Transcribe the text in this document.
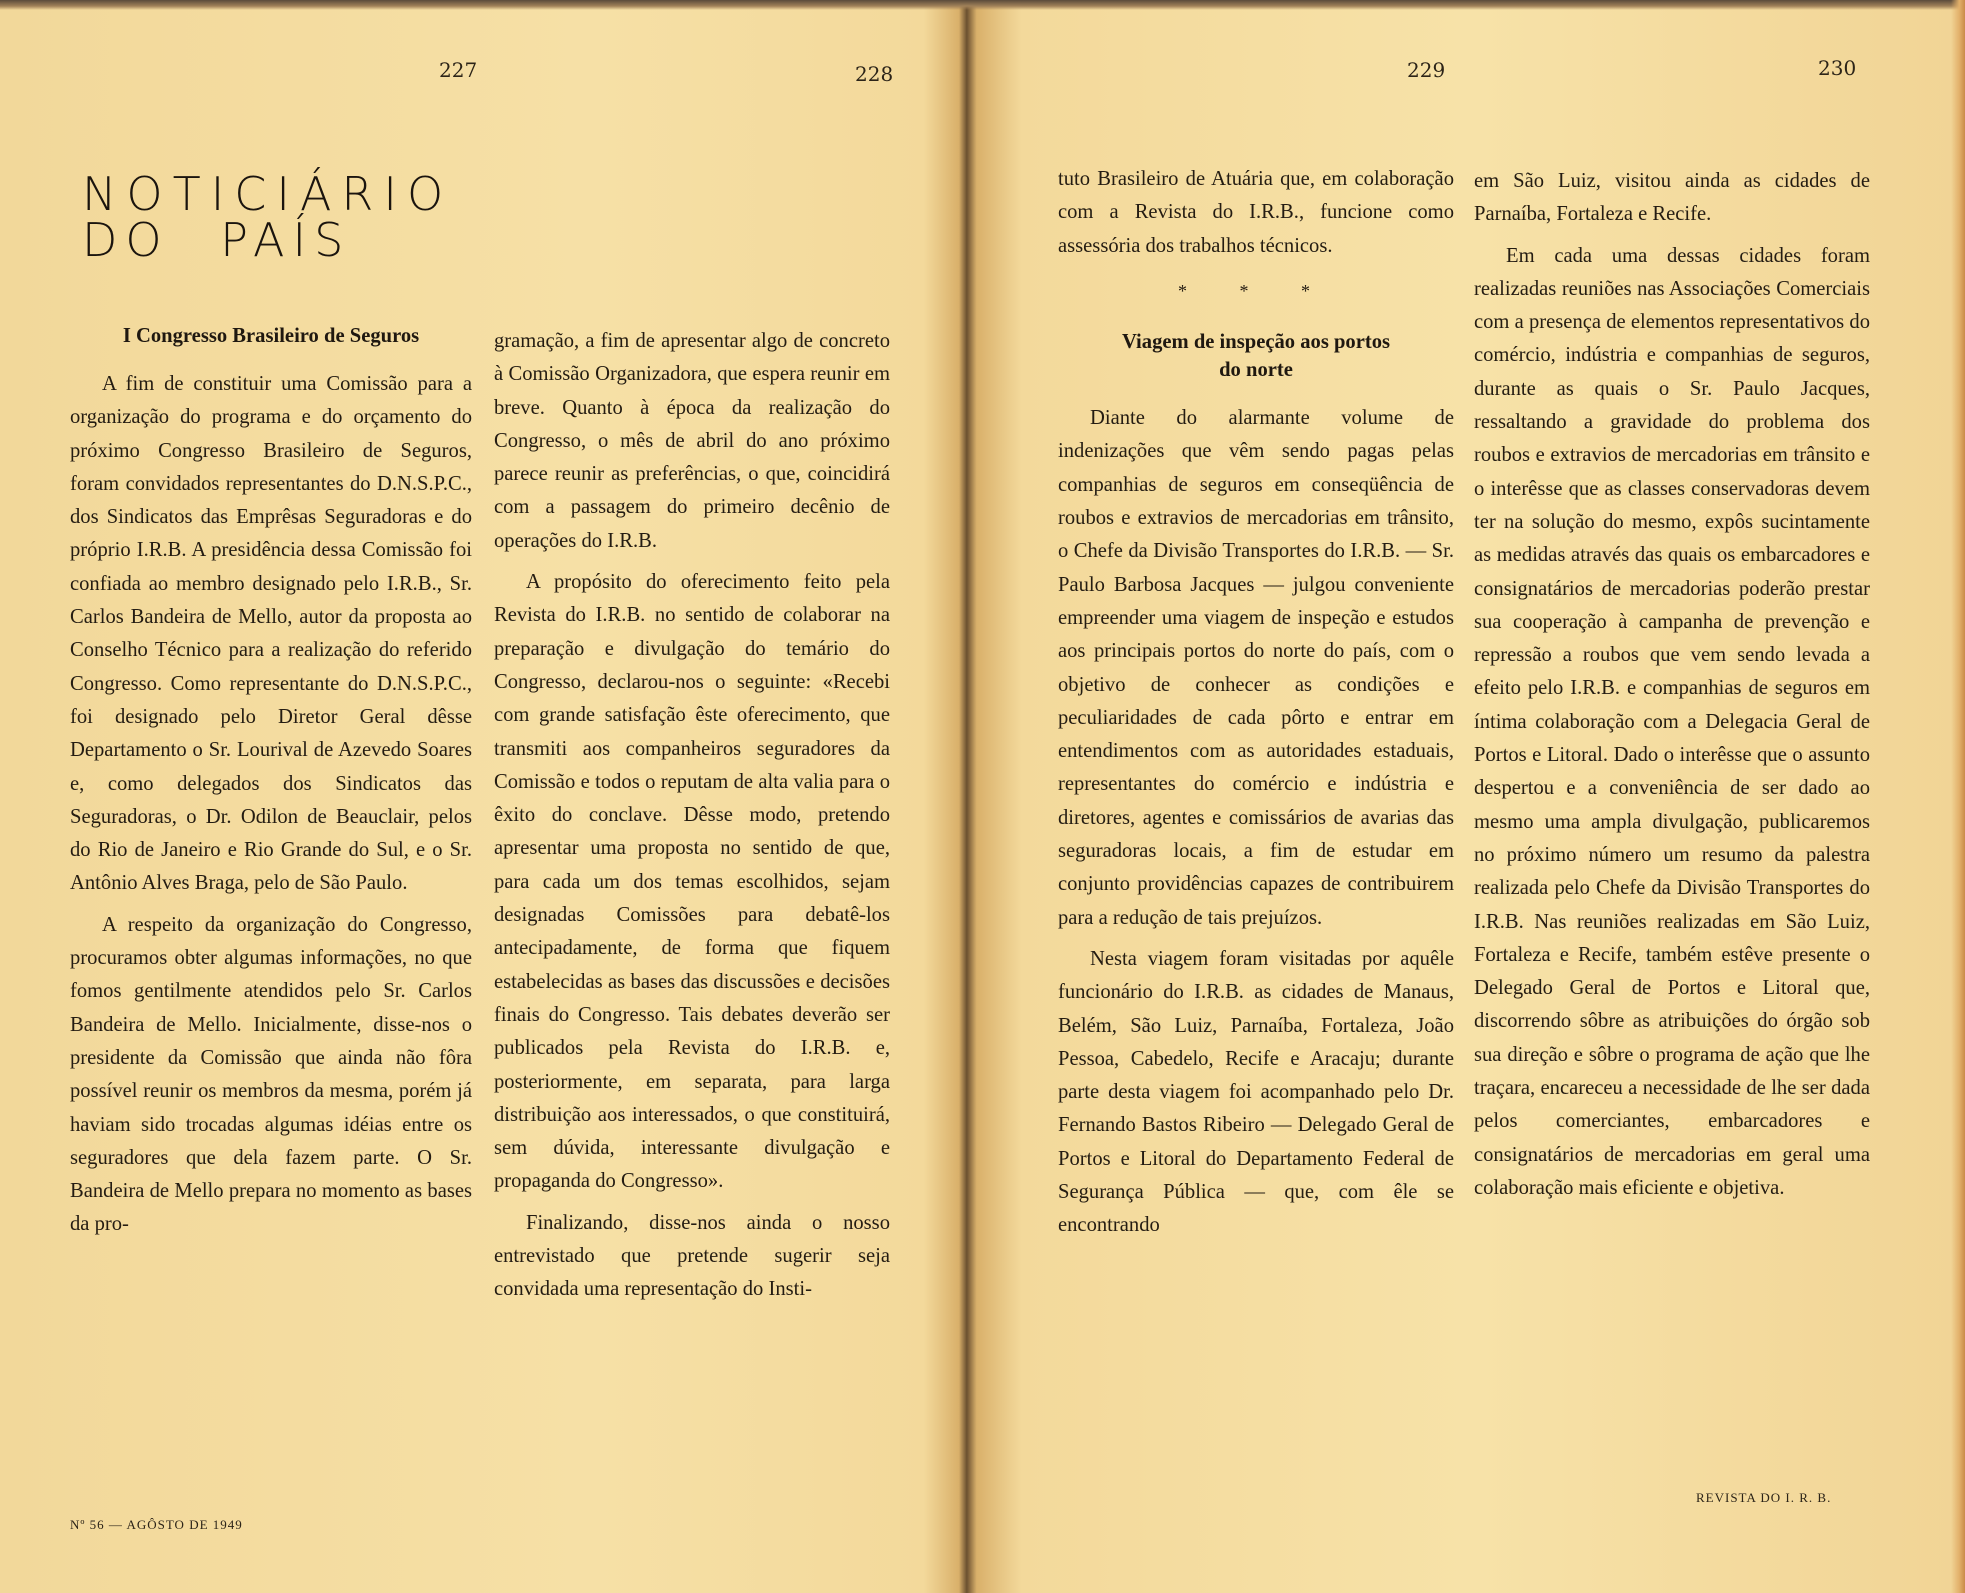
227	228	229	230
NOTICIÁRIO
DO PAÍS
I Congresso Brasileiro de Seguros

A fim de constituir uma Comissão para a organização do programa e do orçamento do próximo Congresso Brasileiro de Seguros, foram convidados representantes do D.N.S.P.C., dos Sindicatos das Emprêsas Seguradoras e do próprio I.R.B. A presidência dessa Comissão foi confiada ao membro designado pelo I.R.B., Sr. Carlos Bandeira de Mello, autor da proposta ao Conselho Técnico para a realização do referido Congresso. Como representante do D.N.S.P.C., foi designado pelo Diretor Geral dêsse Departamento o Sr. Lourival de Azevedo Soares e, como delegados dos Sindicatos das Seguradoras, o Dr. Odilon de Beauclair, pelos do Rio de Janeiro e Rio Grande do Sul, e o Sr. Antônio Alves Braga, pelo de São Paulo.

A respeito da organização do Congresso, procuramos obter algumas informações, no que fomos gentilmente atendidos pelo Sr. Carlos Bandeira de Mello. Inicialmente, disse-nos o presidente da Comissão que ainda não fôra possível reunir os membros da mesma, porém já haviam sido trocadas algumas idéias entre os seguradores que dela fazem parte. O Sr. Bandeira de Mello prepara no momento as bases da pro-

gramação, a fim de apresentar algo de concreto à Comissão Organizadora, que espera reunir em breve. Quanto à época da realização do Congresso, o mês de abril do ano próximo parece reunir as preferências, o que, coincidirá com a passagem do primeiro decênio de operações do I.R.B.

A propósito do oferecimento feito pela Revista do I.R.B. no sentido de colaborar na preparação e divulgação do temário do Congresso, declarou-nos o seguinte: «Recebi com grande satisfação êste oferecimento, que transmiti aos companheiros seguradores da Comissão e todos o reputam de alta valia para o êxito do conclave. Dêsse modo, pretendo apresentar uma proposta no sentido de que, para cada um dos temas escolhidos, sejam designadas Comissões para debatê-los antecipadamente, de forma que fiquem estabelecidas as bases das discussões e decisões finais do Congresso. Tais debates deverão ser publicados pela Revista do I.R.B. e, posteriormente, em separata, para larga distribuição aos interessados, o que constituirá, sem dúvida, interessante divulgação e propaganda do Congresso».

Finalizando, disse-nos ainda o nosso entrevistado que pretende sugerir seja convidada uma representação do Insti-

tuto Brasileiro de Atuária que, em colaboração com a Revista do I.R.B., funcione como assessória dos trabalhos técnicos.

* * *
Viagem de inspeção aos portos
do norte

Diante do alarmante volume de indenizações que vêm sendo pagas pelas companhias de seguros em conseqüência de roubos e extravios de mercadorias em trânsito, o Chefe da Divisão Transportes do I.R.B. — Sr. Paulo Barbosa Jacques — julgou conveniente empreender uma viagem de inspeção e estudos aos principais portos do norte do país, com o objetivo de conhecer as condições e peculiaridades de cada pôrto e entrar em entendimentos com as autoridades estaduais, representantes do comércio e indústria e diretores, agentes e comissários de avarias das seguradoras locais, a fim de estudar em conjunto providências capazes de contribuirem para a redução de tais prejuízos.

Nesta viagem foram visitadas por aquêle funcionário do I.R.B. as cidades de Manaus, Belém, São Luiz, Parnaíba, Fortaleza, João Pessoa, Cabedelo, Recife e Aracaju; durante parte desta viagem foi acompanhado pelo Dr. Fernando Bastos Ribeiro — Delegado Geral de Portos e Litoral do Departamento Federal de Segurança Pública — que, com êle se encontrando

em São Luiz, visitou ainda as cidades de Parnaíba, Fortaleza e Recife.

Em cada uma dessas cidades foram realizadas reuniões nas Associações Comerciais com a presença de elementos representativos do comércio, indústria e companhias de seguros, durante as quais o Sr. Paulo Jacques, ressaltando a gravidade do problema dos roubos e extravios de mercadorias em trânsito e o interêsse que as classes conservadoras devem ter na solução do mesmo, expôs sucintamente as medidas através das quais os embarcadores e consignatários de mercadorias poderão prestar sua cooperação à campanha de prevenção e repressão a roubos que vem sendo levada a efeito pelo I.R.B. e companhias de seguros em íntima colaboração com a Delegacia Geral de Portos e Litoral. Dado o interêsse que o assunto despertou e a conveniência de ser dado ao mesmo uma ampla divulgação, publicaremos no próximo número um resumo da palestra realizada pelo Chefe da Divisão Transportes do I.R.B. Nas reuniões realizadas em São Luiz, Fortaleza e Recife, também estêve presente o Delegado Geral de Portos e Litoral que, discorrendo sôbre as atribuições do órgão sob sua direção e sôbre o programa de ação que lhe traçara, encareceu a necessidade de lhe ser dada pelos comerciantes, embarcadores e consignatários de mercadorias em geral uma colaboração mais eficiente e objetiva.

Nº 56 — AGÔSTO DE 1949
REVISTA DO I. R. B.
